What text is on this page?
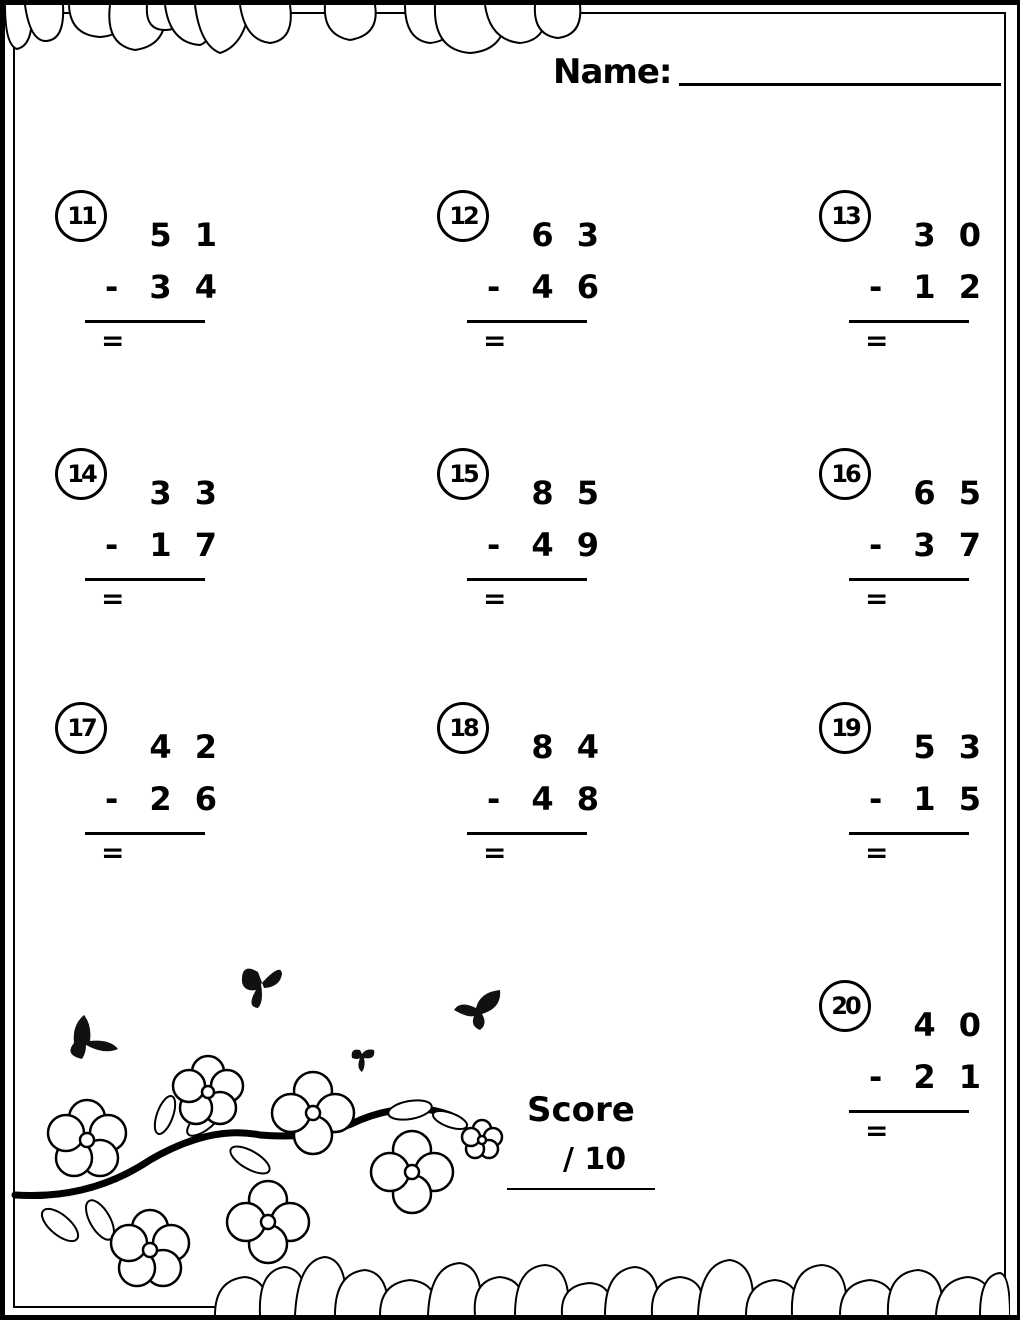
Name:
11	5 1
- 3 4
=
12	6 3
- 4 6
=
13	3 0
- 1 2
=
14	3 3
- 1 7
=
15	8 5
- 4 9
=
16	6 5
- 3 7
=
17	4 2
- 2 6
=
18	8 4
- 4 8
=
19	5 3
- 1 5
=
20	4 0
- 2 1
=
Score
/ 10
